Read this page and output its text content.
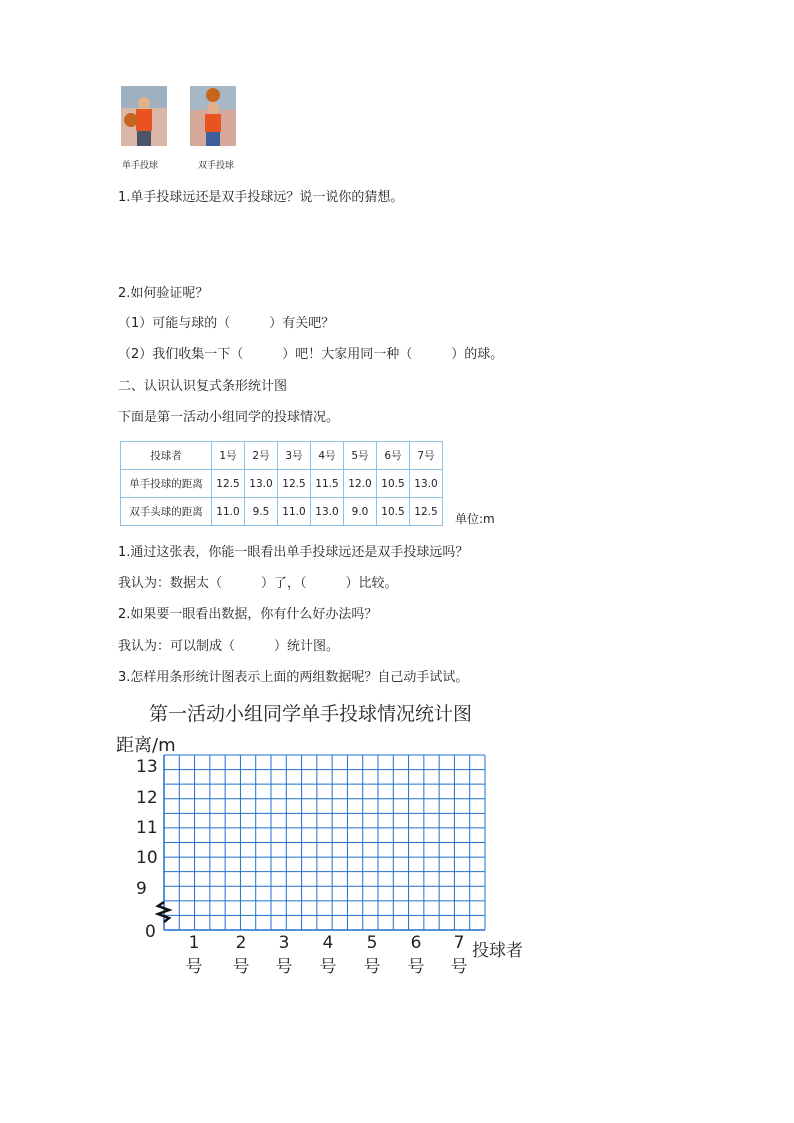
单手投球	双手投球
1.单手投球远还是双手投球远？说一说你的猜想。
2.如何验证呢？
（1）可能与球的（　　　）有关吧？
（2）我们收集一下（　　　）吧！大家用同一种（　　　）的球。
二、认识认识复式条形统计图
下面是第一活动小组同学的投球情况。
投球者	1号	2号	3号	4号	5号	6号	7号
单手投球的距离	12.5	13.0	12.5	11.5	12.0	10.5	13.0
双手头球的距离	11.0	9.5	11.0	13.0	9.0	10.5	12.5
单位:m
1.通过这张表，你能一眼看出单手投球远还是双手投球远吗？
我认为：数据太（　　　）了，（　　　）比较。
2.如果要一眼看出数据，你有什么好办法吗？
我认为：可以制成（　　　）统计图。
3.怎样用条形统计图表示上面的两组数据呢？自己动手试试。
第一活动小组同学单手投球情况统计图
距离/m
13
12
11
10
9
0
1 2 3 4 5 6 7
号 号 号 号 号 号 号
投球者
